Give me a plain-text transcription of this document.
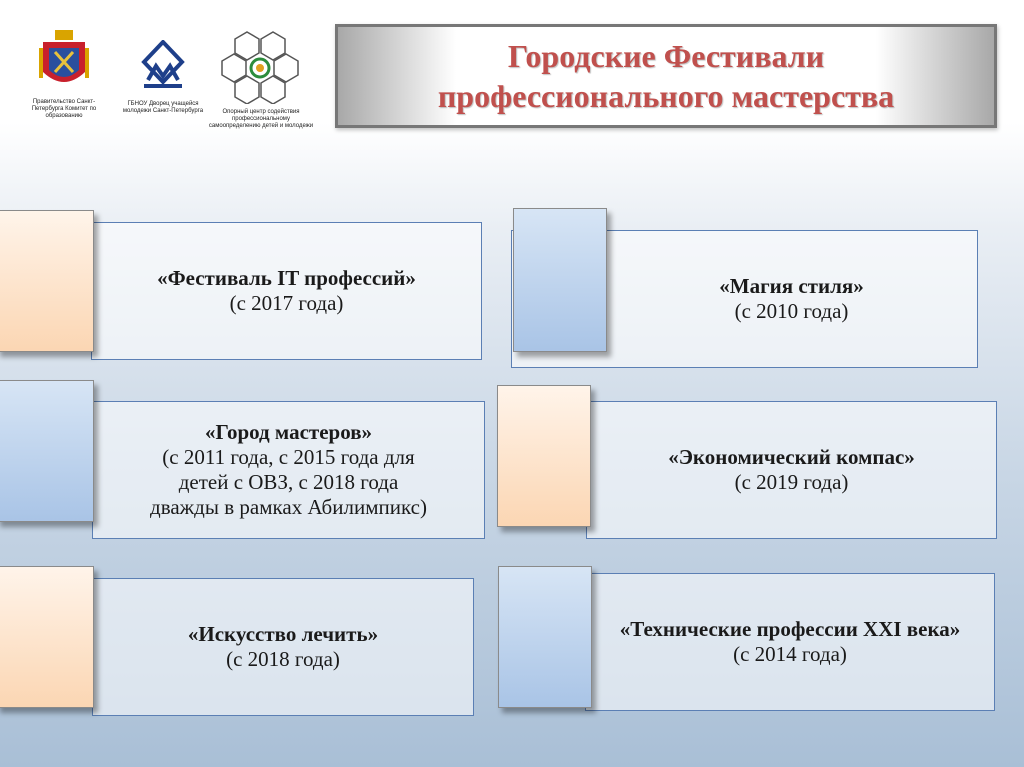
Правительство Санкт-Петербурга Комитет по образованию
ГБНОУ Дворец учащейся молодежи Санкт-Петербурга	Опорный центр содействия профессиональному самоопределению детей и молодежи
Городские Фестивали
профессионального мастерства
«Фестиваль IT профессий»
(с 2017 года)
«Магия стиля»
(с 2010 года)
«Город мастеров»
(с 2011 года, с 2015 года для
детей с ОВЗ, с 2018 года
дважды в рамках Абилимпикс)
«Экономический компас»
(с 2019 года)
«Искусство лечить»
(с 2018 года)
«Технические профессии XXI века»
(с 2014 года)
